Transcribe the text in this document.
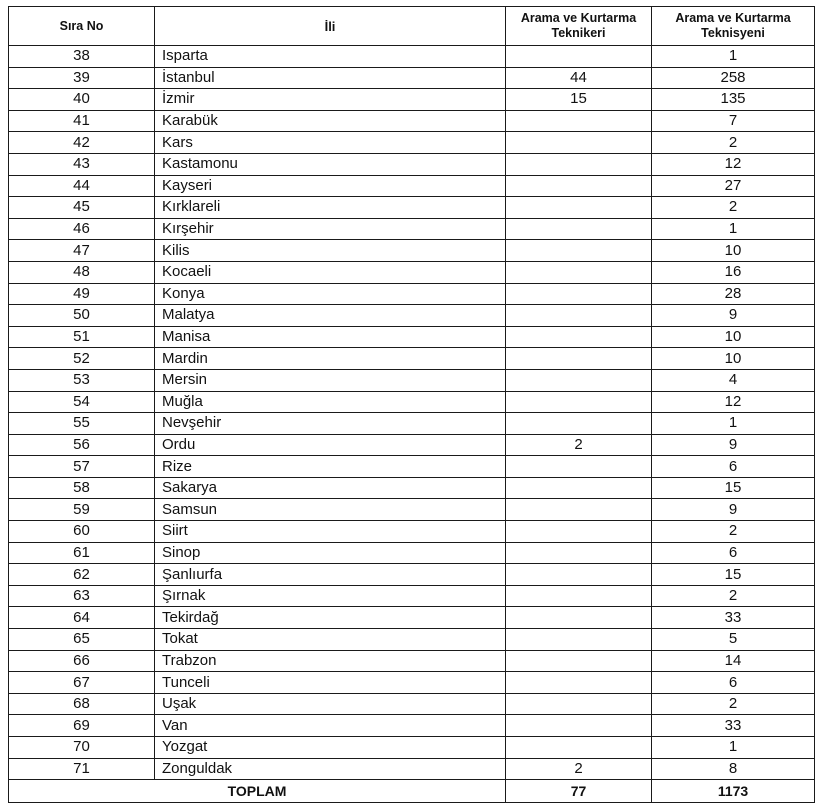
Sıra No	İli	Arama ve Kurtarma Teknikeri	Arama ve Kurtarma Teknisyeni
38	Isparta		1
39	İstanbul	44	258
40	İzmir	15	135
41	Karabük		7
42	Kars		2
43	Kastamonu		12
44	Kayseri		27
45	Kırklareli		2
46	Kırşehir		1
47	Kilis		10
48	Kocaeli		16
49	Konya		28
50	Malatya		9
51	Manisa		10
52	Mardin		10
53	Mersin		4
54	Muğla		12
55	Nevşehir		1
56	Ordu	2	9
57	Rize		6
58	Sakarya		15
59	Samsun		9
60	Siirt		2
61	Sinop		6
62	Şanlıurfa		15
63	Şırnak		2
64	Tekirdağ		33
65	Tokat		5
66	Trabzon		14
67	Tunceli		6
68	Uşak		2
69	Van		33
70	Yozgat		1
71	Zonguldak	2	8
TOPLAM		77	1173
